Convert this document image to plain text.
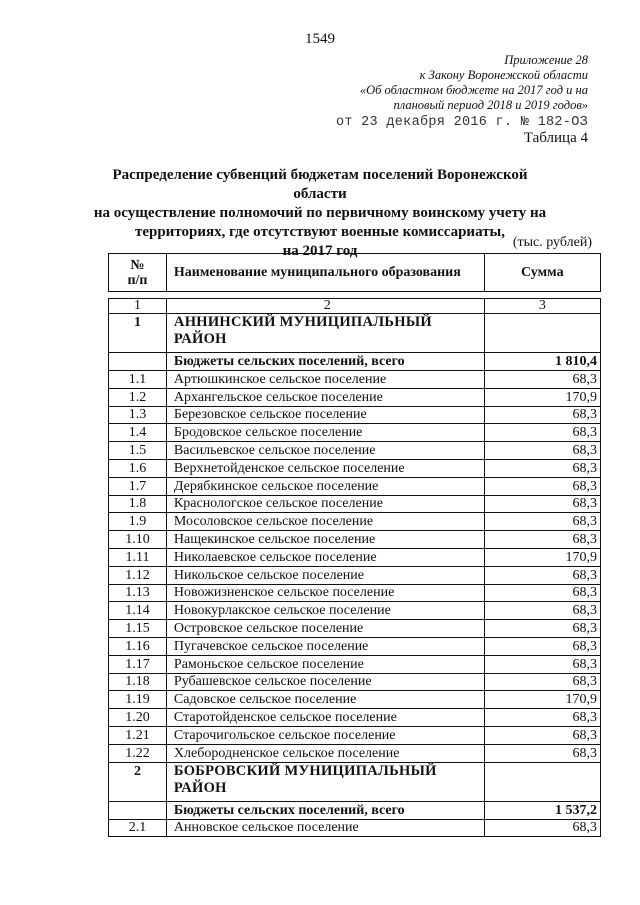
1549
Приложение 28
к Закону Воронежской области
«Об областном бюджете на 2017 год и на
плановый период 2018 и 2019 годов»
от 23 декабря 2016 г. № 182-ОЗ
Таблица 4
Распределение субвенций бюджетам поселений Воронежской области
на осуществление полномочий по первичному воинскому учету на
территориях, где отсутствуют военные комиссариаты,
на 2017 год
(тыс. рублей)
№
п/п	Наименование муниципального образования	Сумма

1	2	3
1	АННИНСКИЙ МУНИЦИПАЛЬНЫЙ
РАЙОН	

	Бюджеты сельских поселений, всего	1 810,4
1.1	Артюшкинское сельское поселение	68,3
1.2	Архангельское сельское поселение	170,9
1.3	Березовское сельское поселение	68,3
1.4	Бродовское сельское поселение	68,3
1.5	Васильевское сельское поселение	68,3
1.6	Верхнетойденское сельское поселение	68,3
1.7	Дерябкинское сельское поселение	68,3
1.8	Краснологское сельское поселение	68,3
1.9	Мосоловское сельское поселение	68,3
1.10	Нащекинское сельское поселение	68,3
1.11	Николаевское сельское поселение	170,9
1.12	Никольское сельское поселение	68,3
1.13	Новожизненское сельское поселение	68,3
1.14	Новокурлакское сельское поселение	68,3
1.15	Островское сельское поселение	68,3
1.16	Пугачевское сельское поселение	68,3
1.17	Рамоньское сельское поселение	68,3
1.18	Рубашевское сельское поселение	68,3
1.19	Садовское сельское поселение	170,9
1.20	Старотойденское сельское поселение	68,3
1.21	Старочигольское сельское поселение	68,3
1.22	Хлебородненское сельское поселение	68,3
2	БОБРОВСКИЙ МУНИЦИПАЛЬНЫЙ
РАЙОН	

	Бюджеты сельских поселений, всего	1 537,2
2.1	Анновское сельское поселение	68,3
